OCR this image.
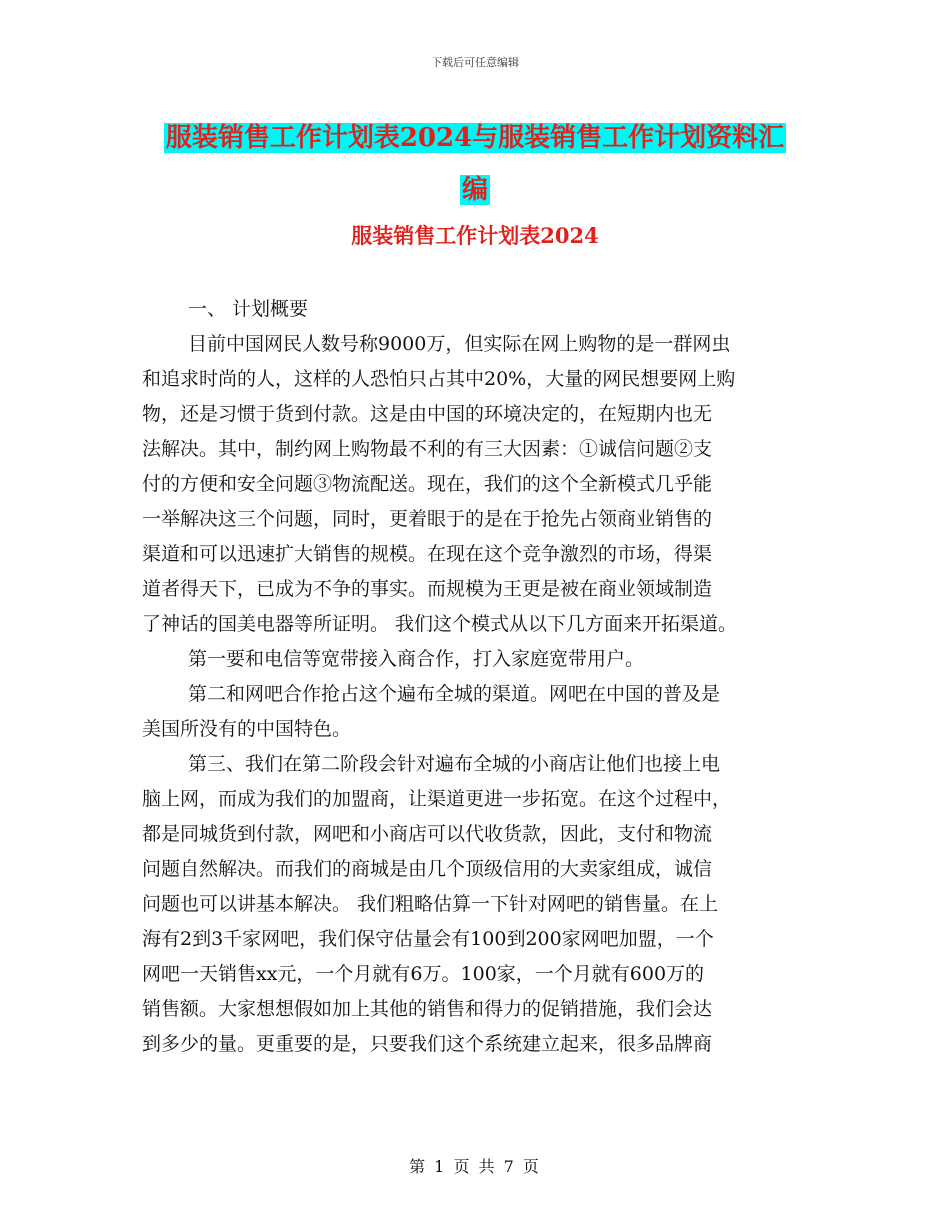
下载后可任意编辑
服装销售工作计划表2024与服装销售工作计划资料汇
编
服装销售工作计划表2024

一、 计划概要

目前中国网民人数号称9000万，但实际在网上购物的是一群网虫

和追求时尚的人，这样的人恐怕只占其中20%，大量的网民想要网上购

物，还是习惯于货到付款。这是由中国的环境决定的，在短期内也无

法解决。其中，制约网上购物最不利的有三大因素：①诚信问题②支

付的方便和安全问题③物流配送。现在，我们的这个全新模式几乎能

一举解决这三个问题，同时，更着眼于的是在于抢先占领商业销售的

渠道和可以迅速扩大销售的规模。在现在这个竞争激烈的市场，得渠

道者得天下，已成为不争的事实。而规模为王更是被在商业领域制造

了神话的国美电器等所证明。 我们这个模式从以下几方面来开拓渠道。

第一要和电信等宽带接入商合作，打入家庭宽带用户。

第二和网吧合作抢占这个遍布全城的渠道。网吧在中国的普及是

美国所没有的中国特色。

第三、我们在第二阶段会针对遍布全城的小商店让他们也接上电

脑上网，而成为我们的加盟商，让渠道更进一步拓宽。在这个过程中，

都是同城货到付款，网吧和小商店可以代收货款，因此，支付和物流

问题自然解决。而我们的商城是由几个顶级信用的大卖家组成，诚信

问题也可以讲基本解决。 我们粗略估算一下针对网吧的销售量。在上

海有2到3千家网吧，我们保守估量会有100到200家网吧加盟，一个

网吧一天销售xx元，一个月就有6万。100家，一个月就有600万的

销售额。大家想想假如加上其他的销售和得力的促销措施，我们会达

到多少的量。更重要的是，只要我们这个系统建立起来，很多品牌商

第 1 页 共 7 页
